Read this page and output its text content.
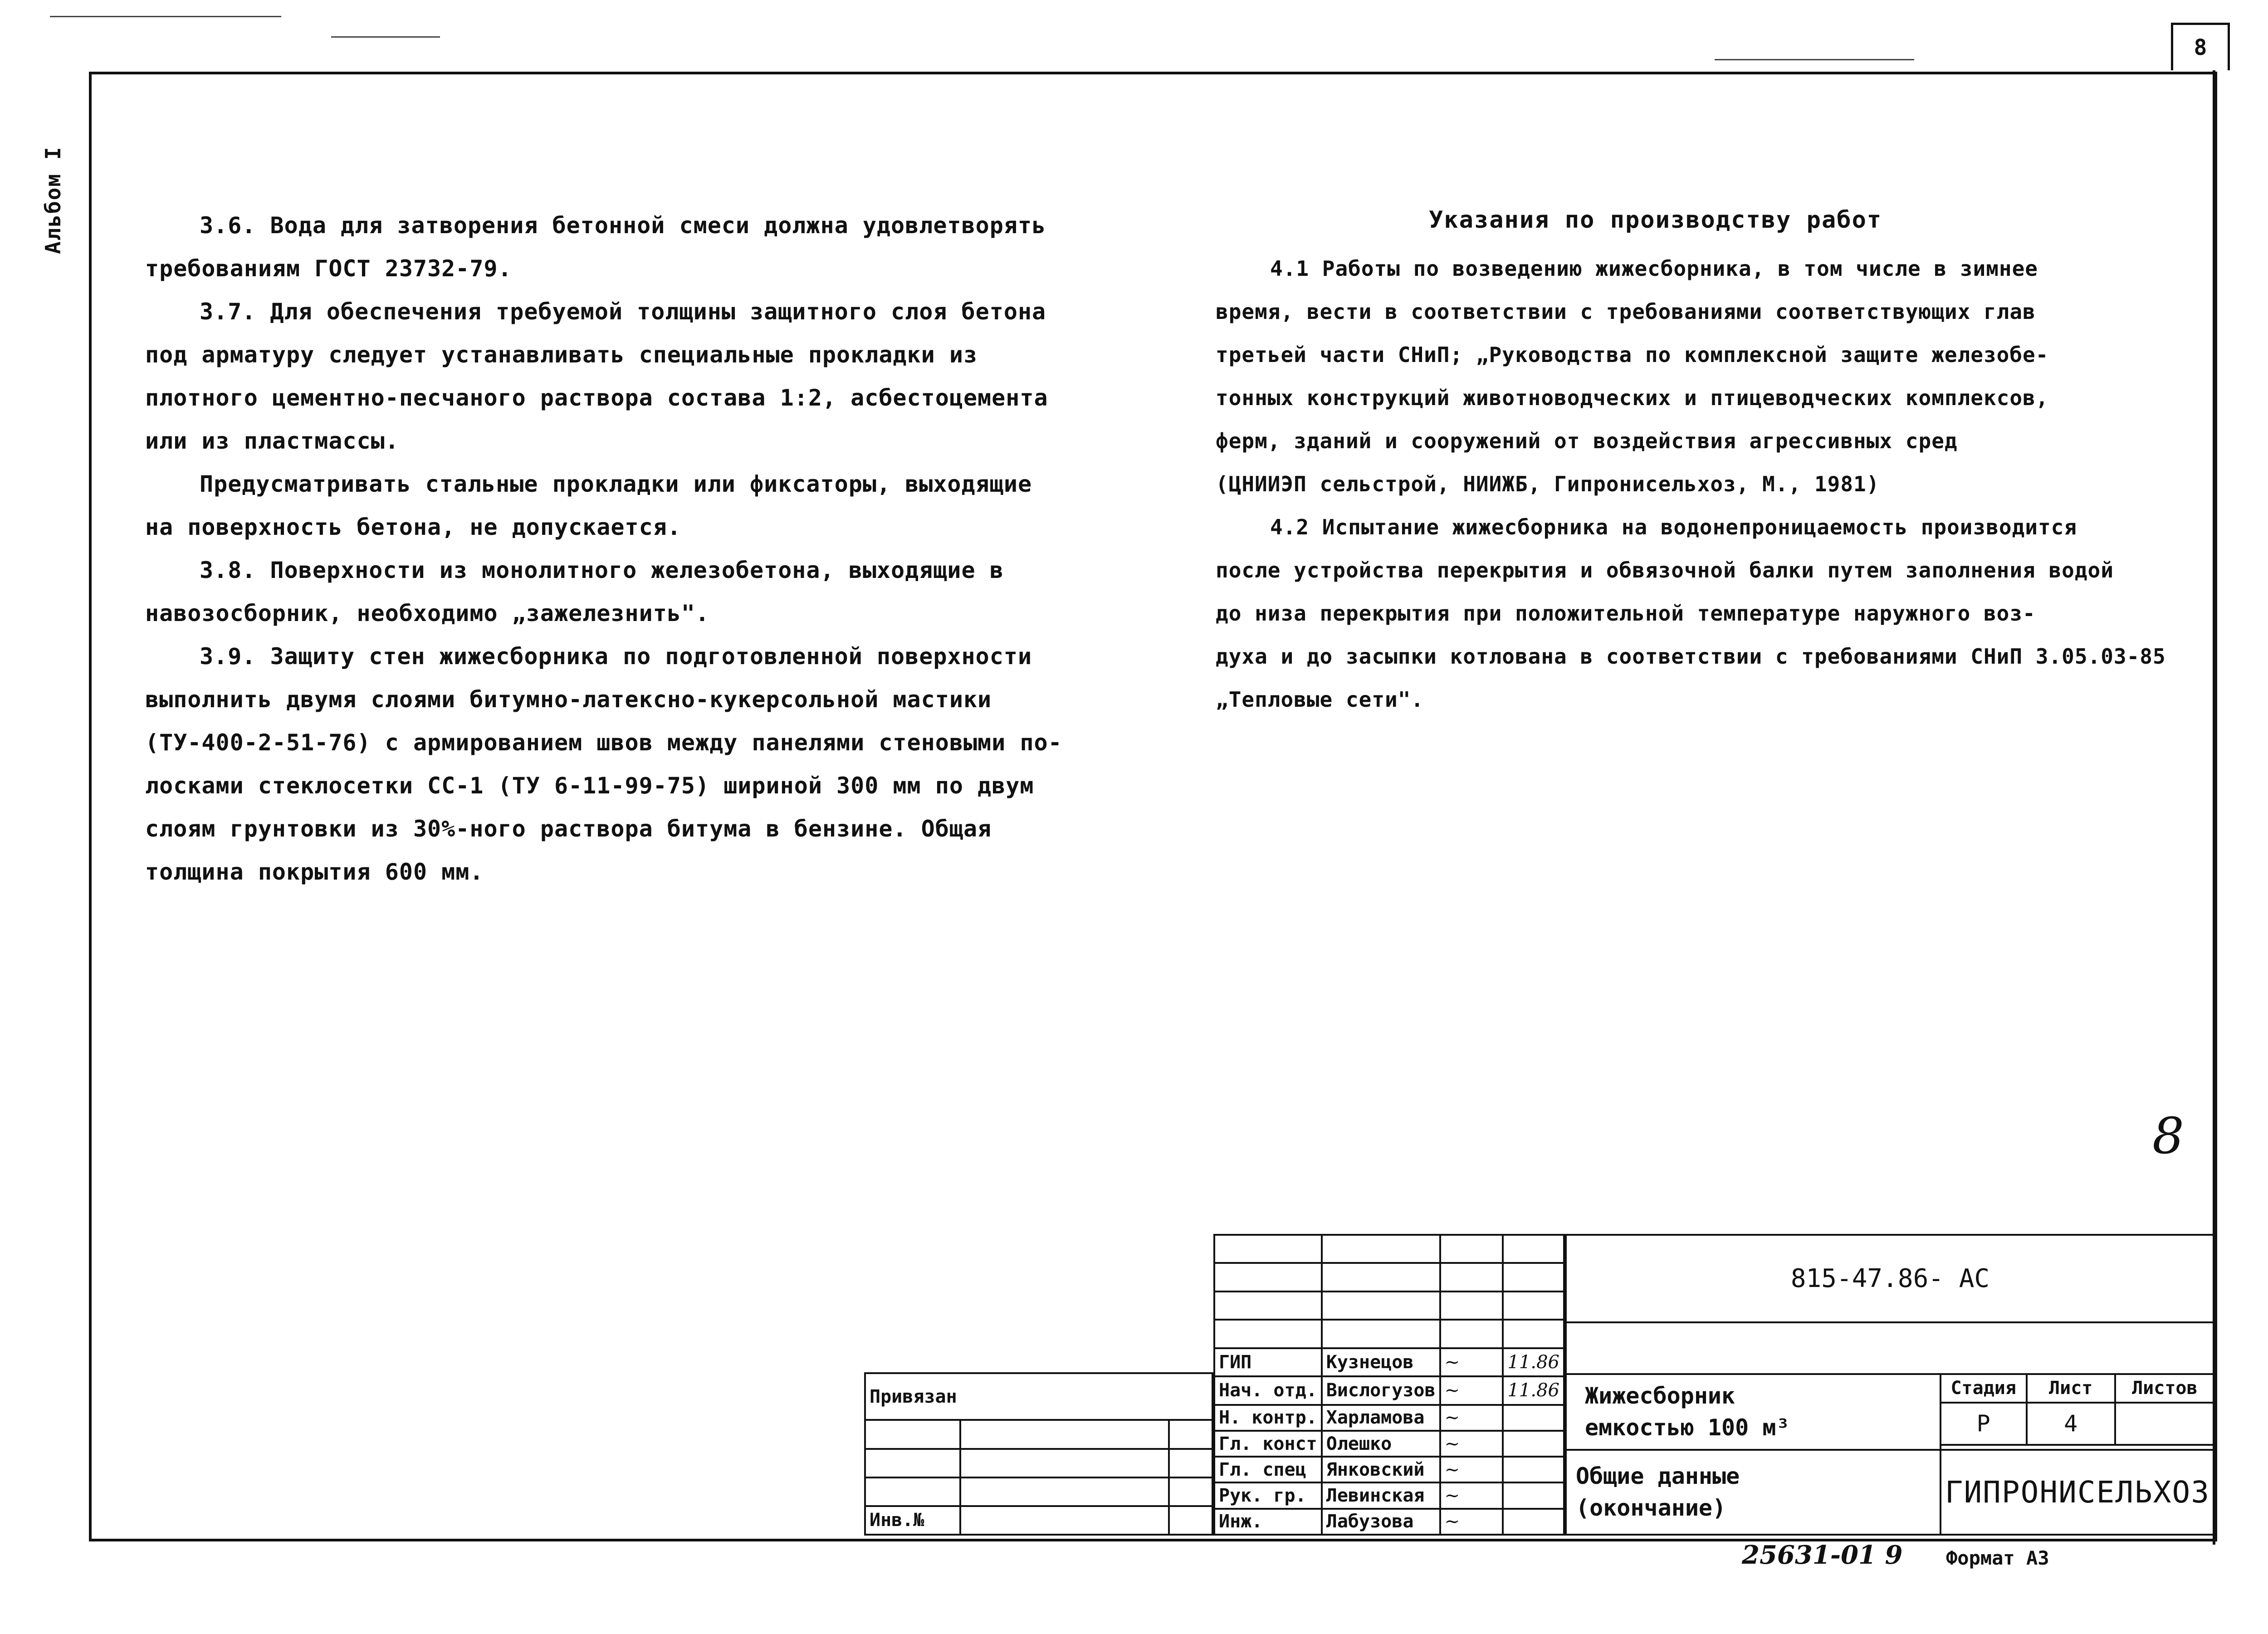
8
Альбом I	3.6. Вода для затворения бетонной смеси должна удовлетворять
требованиям ГОСТ 23732-79.
3.7. Для обеспечения требуемой толщины защитного слоя бетона
под арматуру следует устанавливать специальные прокладки из
плотного цементно-песчаного раствора состава 1:2, асбестоцемента
или из пластмассы.
Предусматривать стальные прокладки или фиксаторы, выходящие
на поверхность бетона, не допускается.
3.8. Поверхности из монолитного железобетона, выходящие в
навозосборник, необходимо „зажелезнить".
3.9. Защиту стен жижесборника по подготовленной поверхности
выполнить двумя слоями битумно-латексно-кукерсольной мастики
(ТУ-400-2-51-76) с армированием швов между панелями стеновыми по-
лосками стеклосетки СС-1 (ТУ 6-11-99-75) шириной 300 мм по двум
слоям грунтовки из 30%-ного раствора битума в бензине. Общая
толщина покрытия 600 мм.
Указания по производству работ
4.1 Работы по возведению жижесборника, в том числе в зимнее
время, вести в соответствии с требованиями соответствующих глав
третьей части СНиП; „Руководства по комплексной защите железобе-
тонных конструкций животноводческих и птицеводческих комплексов,
ферм, зданий и сооружений от воздействия агрессивных сред
(ЦНИИЭП сельстрой, НИИЖБ, Гипронисельхоз, М., 1981)
4.2 Испытание жижесборника на водонепроницаемость производится
после устройства перекрытия и обвязочной балки путем заполнения водой
до низа перекрытия при положительной температуре наружного воз-
духа и до засыпки котлована в соответствии с требованиями СНиП 3.05.03-85
„Тепловые сети".
8
Привязан		

Инв.№		

ГИП	Кузнецов	~	11.86
Нач. отд.	Вислогузов	~	11.86
Н. контр.	Харламова	~	
Гл. конст	Олешко	~	
Гл. спец	Янковский	~	
Рук. гр.	Левинская	~	
Инж.	Лабузова	~	
815-47.86- АС			

Жижесборник
емкостью 100 м³	Стадия	Лист	Листов
	Р	4	

Общие данные
(окончание)	ГИПРОНИСЕЛЬХОЗ		
25631-01 9 Формат А3
